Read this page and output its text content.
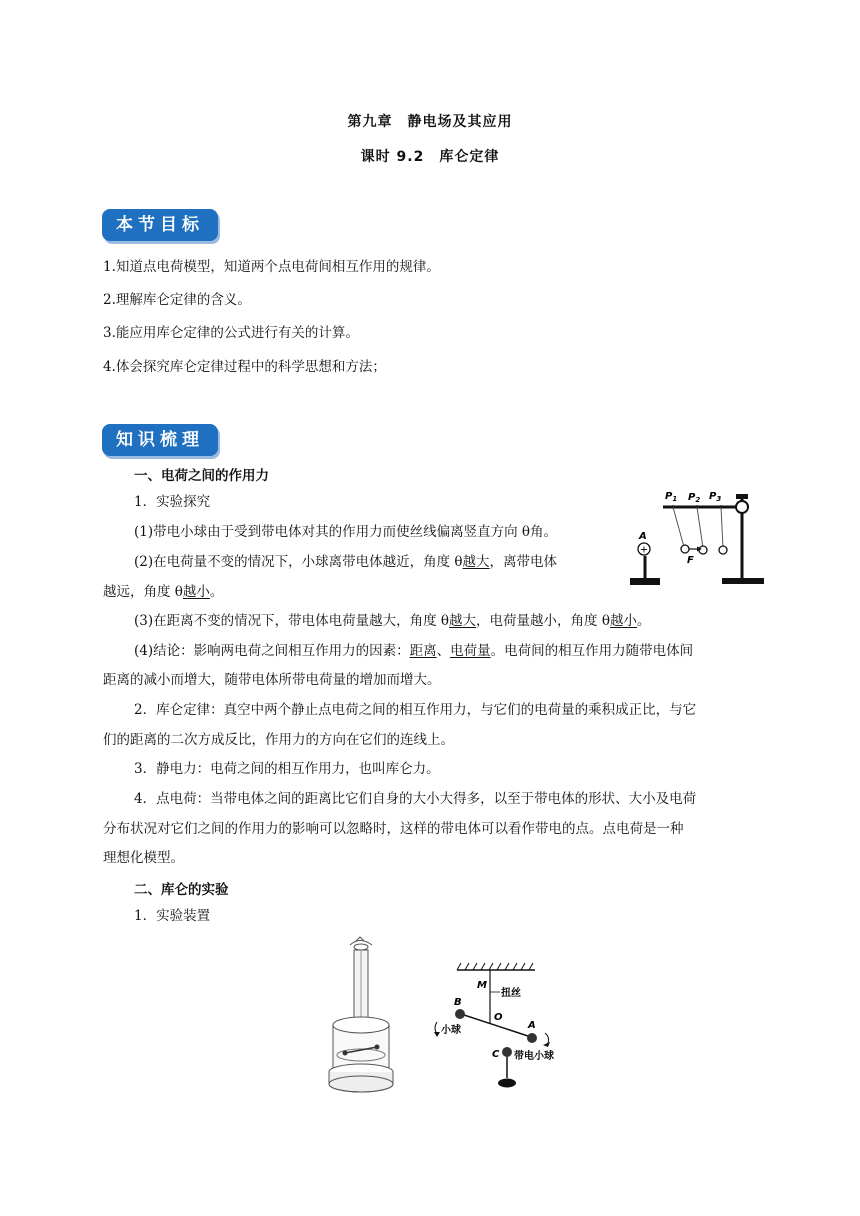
第九章　静电场及其应用
课时 9.2　库仑定律
本节目标
1.知道点电荷模型，知道两个点电荷间相互作用的规律。
2.理解库仑定律的含义。
3.能应用库仑定律的公式进行有关的计算。
4.体会探究库仑定律过程中的科学思想和方法；
知识梳理
一、电荷之间的作用力
1．实验探究
(1)带电小球由于受到带电体对其的作用力而使丝线偏离竖直方向 θ角。
(2)在电荷量不变的情况下，小球离带电体越近，角度 θ越大，离带电体
越远，角度 θ越小。
(3)在距离不变的情况下，带电体电荷量越大，角度 θ越大，电荷量越小，角度 θ越小。
(4)结论：影响两电荷之间相互作用力的因素：距离、电荷量。电荷间的相互作用力随带电体间
距离的减小而增大，随带电体所带电荷量的增加而增大。
2．库仑定律：真空中两个静止点电荷之间的相互作用力，与它们的电荷量的乘积成正比，与它
们的距离的二次方成反比，作用力的方向在它们的连线上。
3．静电力：电荷之间的相互作用力，也叫库仑力。
4．点电荷：当带电体之间的距离比它们自身的大小大得多，以至于带电体的形状、大小及电荷
分布状况对它们之间的作用力的影响可以忽略时，这样的带电体可以看作带电的点。点电荷是一种
理想化模型。
二、库仑的实验
1．实验装置
+
A
F
$P_1$ $P_2$ $P_3$
M
扭丝
O
B
A
小球
C 带电小球
